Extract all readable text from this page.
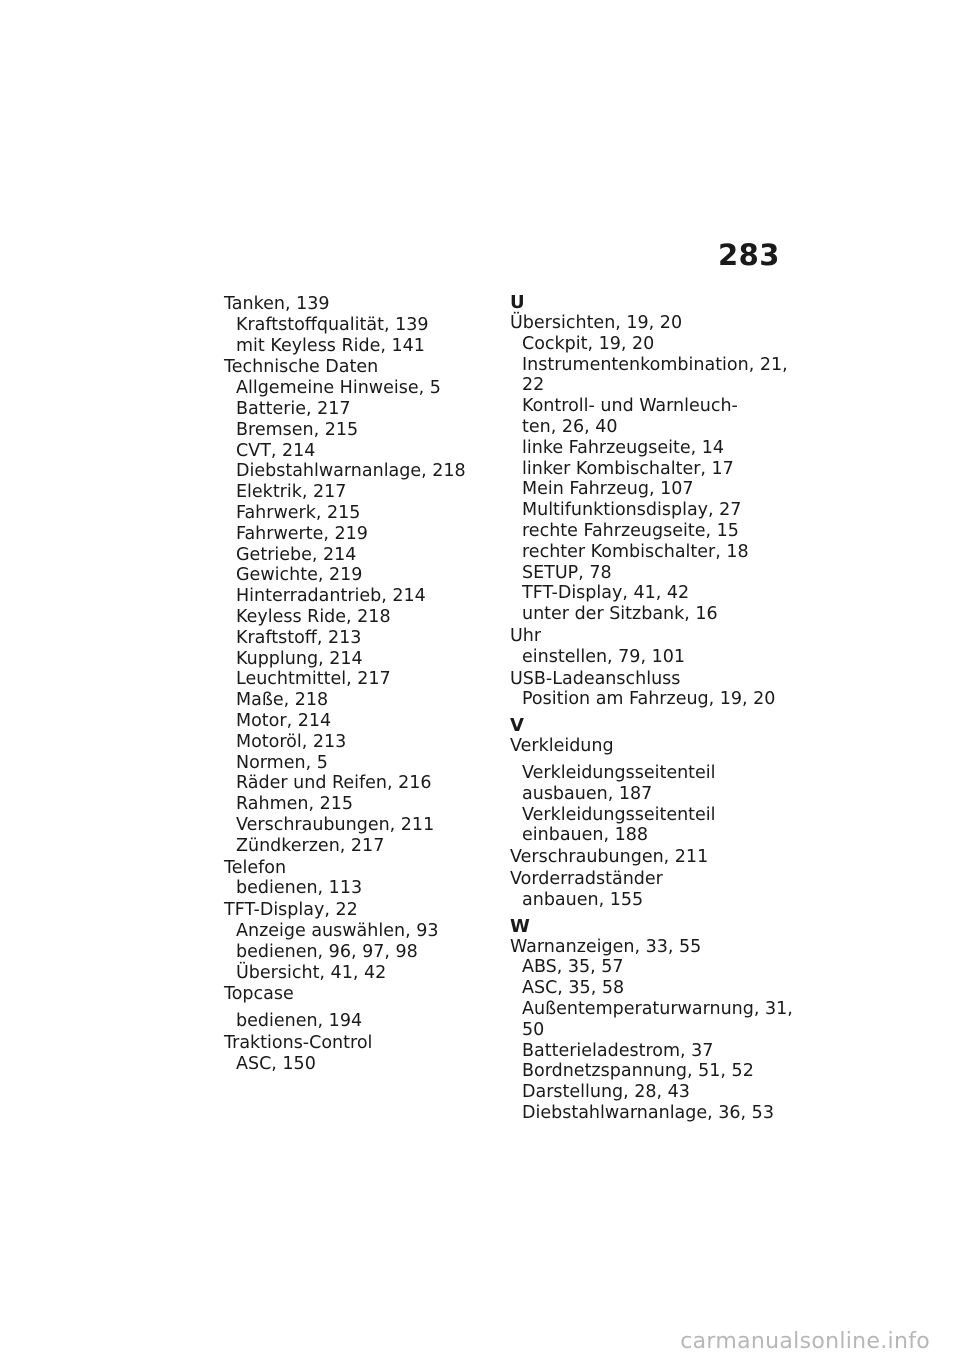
283
Tanken, 139
Kraftstoffqualität, 139
mit Keyless Ride, 141
Technische Daten
Allgemeine Hinweise, 5
Batterie, 217
Bremsen, 215
CVT, 214
Diebstahlwarnanlage, 218
Elektrik, 217
Fahrwerk, 215
Fahrwerte, 219
Getriebe, 214
Gewichte, 219
Hinterradantrieb, 214
Keyless Ride, 218
Kraftstoff, 213
Kupplung, 214
Leuchtmittel, 217
Maße, 218
Motor, 214
Motoröl, 213
Normen, 5
Räder und Reifen, 216
Rahmen, 215
Verschraubungen, 211
Zündkerzen, 217
Telefon
bedienen, 113
TFT-Display, 22
Anzeige auswählen, 93
bedienen, 96, 97, 98
Übersicht, 41, 42
Topcase
bedienen, 194
Traktions-Control
ASC, 150
U
Übersichten, 19, 20
Cockpit, 19, 20
Instrumentenkombination, 21,
22
Kontroll- und Warnleuch-
ten, 26, 40
linke Fahrzeugseite, 14
linker Kombischalter, 17
Mein Fahrzeug, 107
Multifunktionsdisplay, 27
rechte Fahrzeugseite, 15
rechter Kombischalter, 18
SETUP, 78
TFT-Display, 41, 42
unter der Sitzbank, 16
Uhr
einstellen, 79, 101
USB-Ladeanschluss
Position am Fahrzeug, 19, 20
V
Verkleidung
Verkleidungsseitenteil
ausbauen, 187
Verkleidungsseitenteil
einbauen, 188
Verschraubungen, 211
Vorderradständer
anbauen, 155
W
Warnanzeigen, 33, 55
ABS, 35, 57
ASC, 35, 58
Außentemperaturwarnung, 31,
50
Batterieladestrom, 37
Bordnetzspannung, 51, 52
Darstellung, 28, 43
Diebstahlwarnanlage, 36, 53
carmanualsonline.info
